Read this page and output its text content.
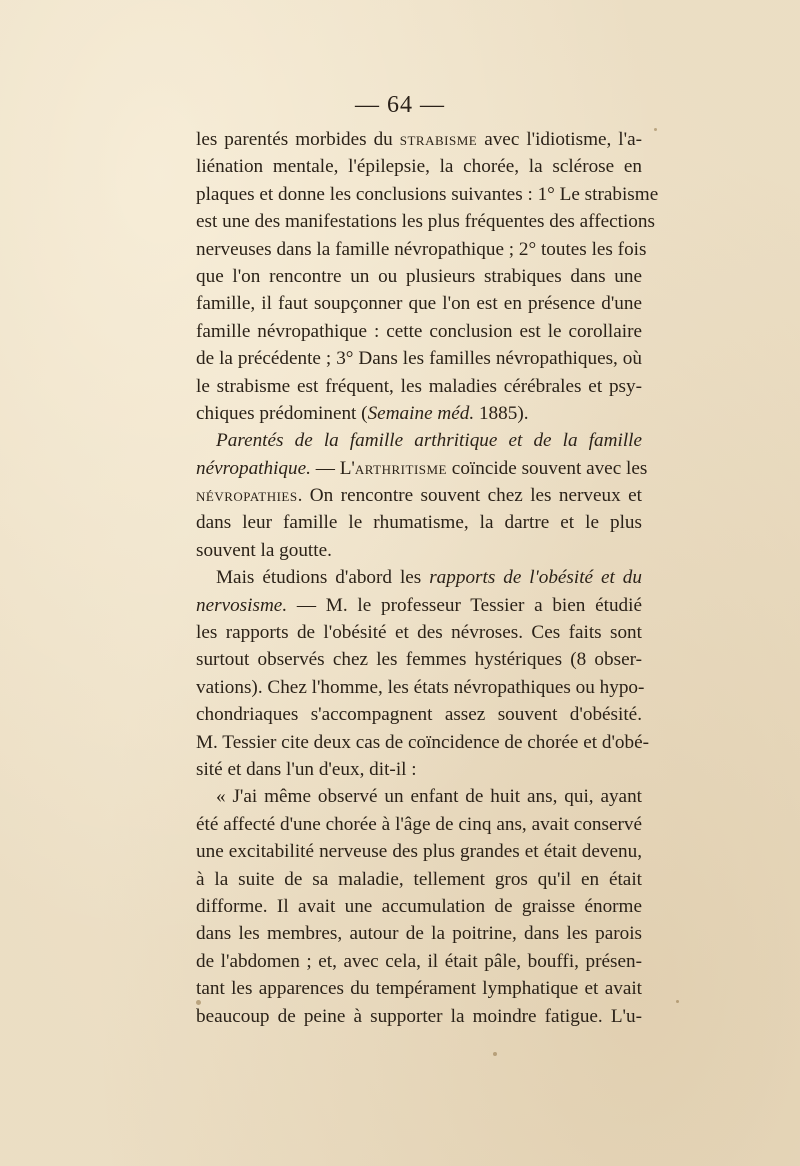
— 64 —
les parentés morbides du strabisme avec l'idiotisme, l'a-
liénation mentale, l'épilepsie, la chorée, la sclérose en
plaques et donne les conclusions suivantes : 1° Le strabisme
est une des manifestations les plus fréquentes des affections
nerveuses dans la famille névropathique ; 2° toutes les fois
que l'on rencontre un ou plusieurs strabiques dans une
famille, il faut soupçonner que l'on est en présence d'une
famille névropathique : cette conclusion est le corollaire
de la précédente ; 3° Dans les familles névropathiques, où
le strabisme est fréquent, les maladies cérébrales et psy-
chiques prédominent (Semaine méd. 1885).
Parentés de la famille arthritique et de la famille
névropathique. — L'arthritisme coïncide souvent avec les
névropathies. On rencontre souvent chez les nerveux et
dans leur famille le rhumatisme, la dartre et le plus
souvent la goutte.
Mais étudions d'abord les rapports de l'obésité et du
nervosisme. — M. le professeur Tessier a bien étudié
les rapports de l'obésité et des névroses. Ces faits sont
surtout observés chez les femmes hystériques (8 obser-
vations). Chez l'homme, les états névropathiques ou hypo-
chondriaques s'accompagnent assez souvent d'obésité.
M. Tessier cite deux cas de coïncidence de chorée et d'obé-
sité et dans l'un d'eux, dit-il :
« J'ai même observé un enfant de huit ans, qui, ayant
été affecté d'une chorée à l'âge de cinq ans, avait conservé
une excitabilité nerveuse des plus grandes et était devenu,
à la suite de sa maladie, tellement gros qu'il en était
difforme. Il avait une accumulation de graisse énorme
dans les membres, autour de la poitrine, dans les parois
de l'abdomen ; et, avec cela, il était pâle, bouffi, présen-
tant les apparences du tempérament lymphatique et avait
beaucoup de peine à supporter la moindre fatigue. L'u-
